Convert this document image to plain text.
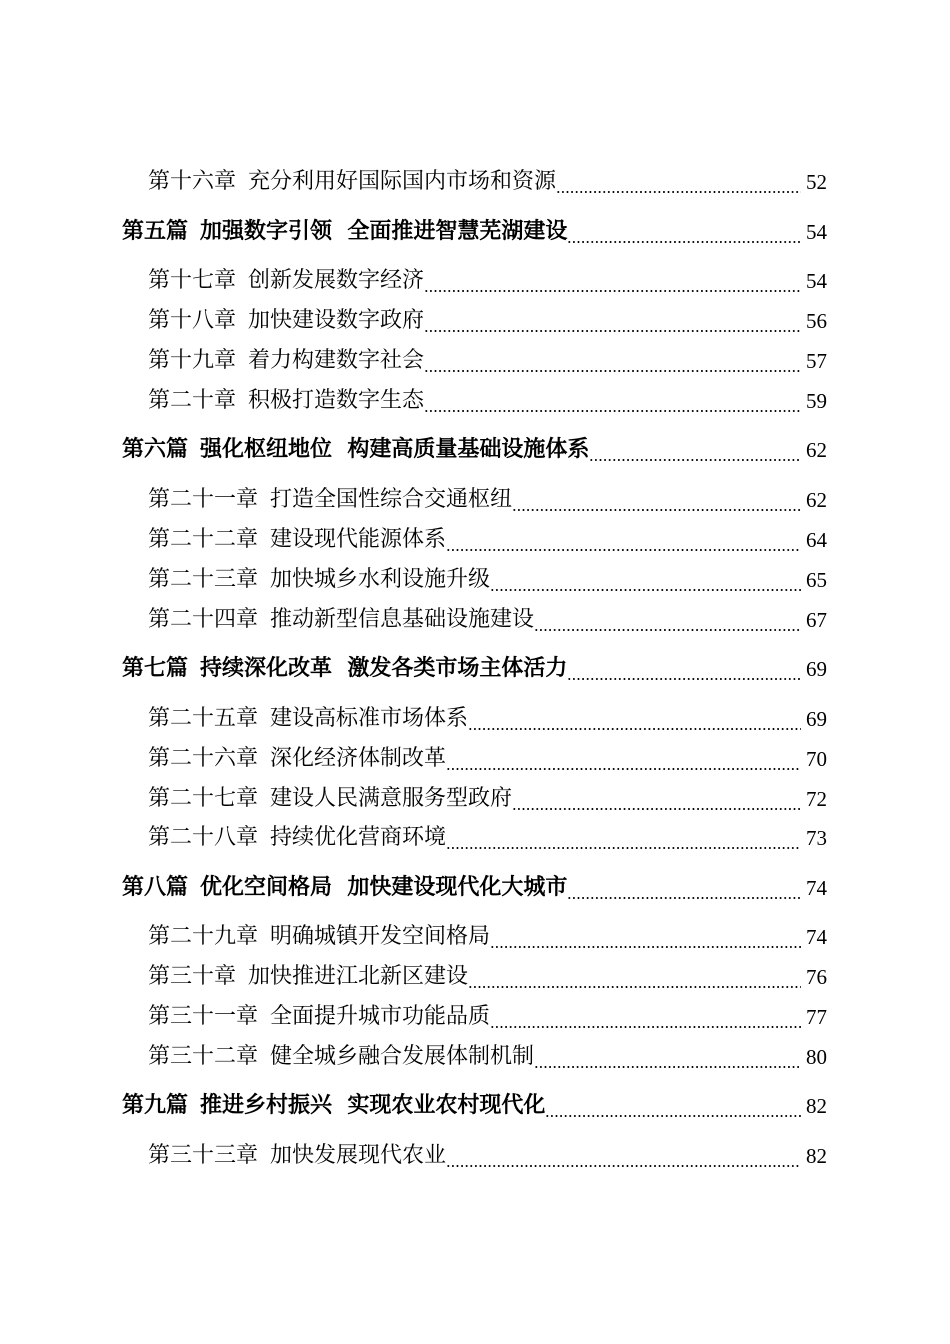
第十六章 充分利用好国际国内市场和资源	52
第五篇 加强数字引领  全面推进智慧芜湖建设	54
第十七章 创新发展数字经济	54
第十八章 加快建设数字政府	56
第十九章 着力构建数字社会	57
第二十章 积极打造数字生态	59
第六篇 强化枢纽地位  构建高质量基础设施体系	62
第二十一章 打造全国性综合交通枢纽	62
第二十二章 建设现代能源体系	64
第二十三章 加快城乡水利设施升级	65
第二十四章 推动新型信息基础设施建设	67
第七篇 持续深化改革  激发各类市场主体活力	69
第二十五章 建设高标准市场体系	69
第二十六章 深化经济体制改革	70
第二十七章 建设人民满意服务型政府	72
第二十八章 持续优化营商环境	73
第八篇 优化空间格局  加快建设现代化大城市	74
第二十九章 明确城镇开发空间格局	74
第三十章 加快推进江北新区建设	76
第三十一章 全面提升城市功能品质	77
第三十二章 健全城乡融合发展体制机制	80
第九篇 推进乡村振兴  实现农业农村现代化	82
第三十三章 加快发展现代农业	82
